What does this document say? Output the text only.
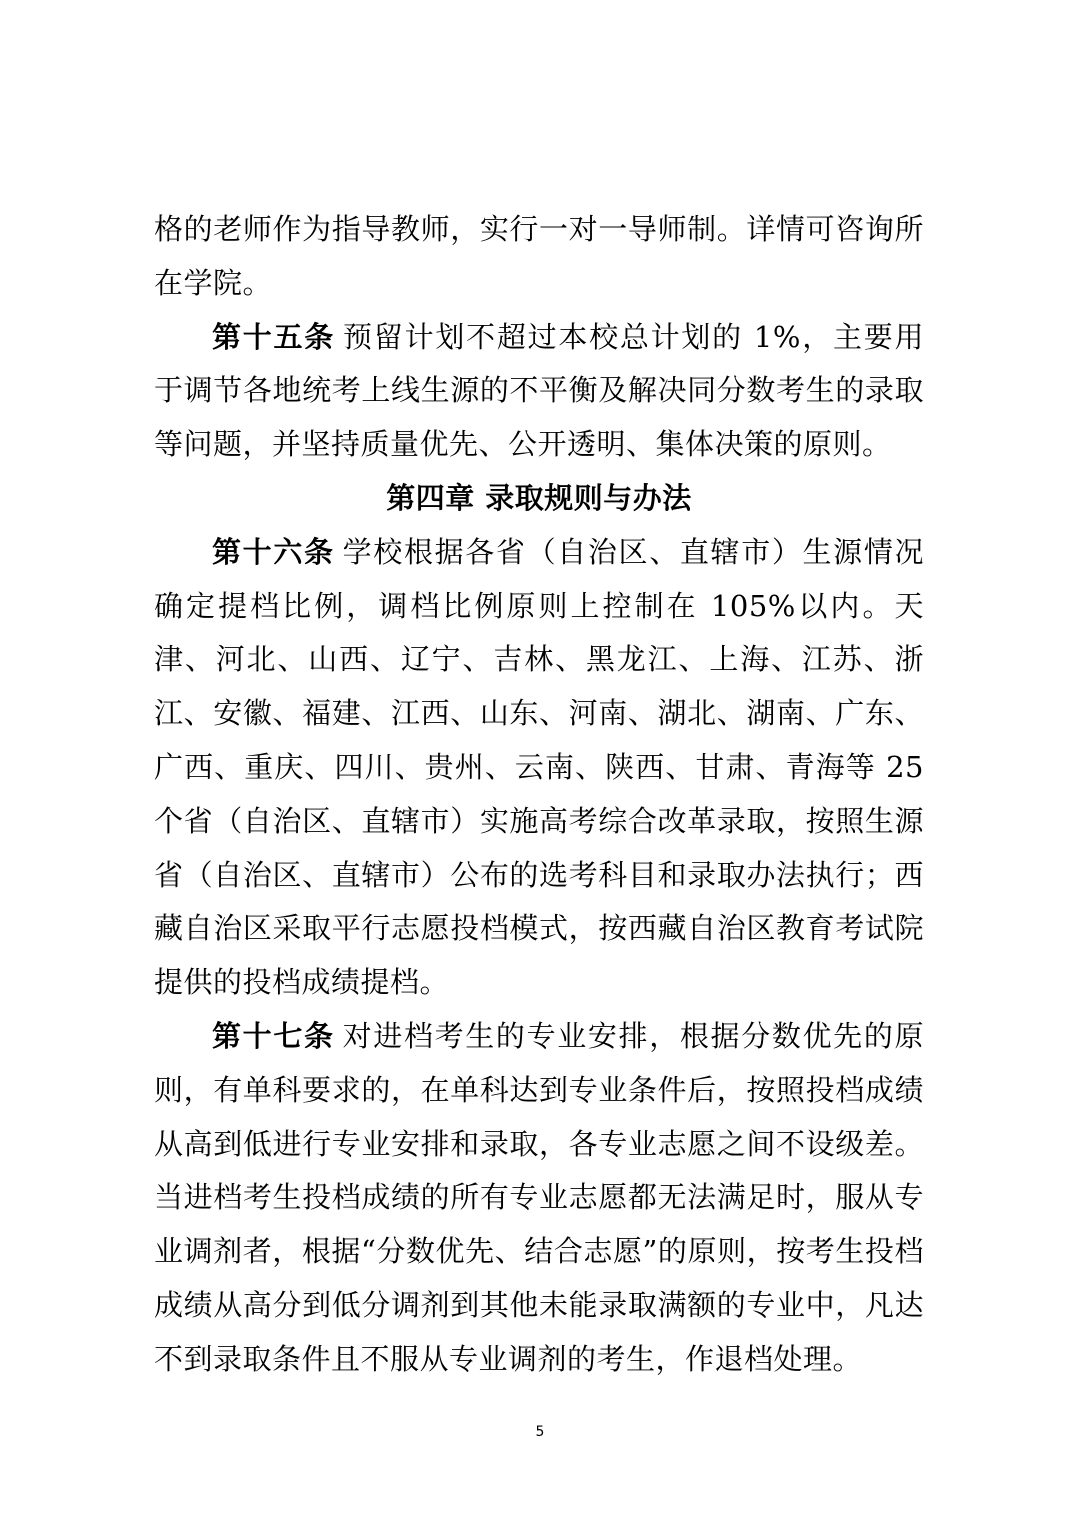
格的老师作为指导教师，实行一对一导师制。详情可咨询所在学院。

第十五条 预留计划不超过本校总计划的 1%，主要用于调节各地统考上线生源的不平衡及解决同分数考生的录取等问题，并坚持质量优先、公开透明、集体决策的原则。

第四章 录取规则与办法

第十六条 学校根据各省（自治区、直辖市）生源情况确定提档比例，调档比例原则上控制在 105%以内。天津、河北、山西、辽宁、吉林、黑龙江、上海、江苏、浙江、安徽、福建、江西、山东、河南、湖北、湖南、广东、广西、重庆、四川、贵州、云南、陕西、甘肃、青海等 25 个省（自治区、直辖市）实施高考综合改革录取，按照生源省（自治区、直辖市）公布的选考科目和录取办法执行；西藏自治区采取平行志愿投档模式，按西藏自治区教育考试院提供的投档成绩提档。

第十七条 对进档考生的专业安排，根据分数优先的原则，有单科要求的，在单科达到专业条件后，按照投档成绩从高到低进行专业安排和录取，各专业志愿之间不设级差。当进档考生投档成绩的所有专业志愿都无法满足时，服从专业调剂者，根据“分数优先、结合志愿”的原则，按考生投档成绩从高分到低分调剂到其他未能录取满额的专业中，凡达不到录取条件且不服从专业调剂的考生，作退档处理。

5
